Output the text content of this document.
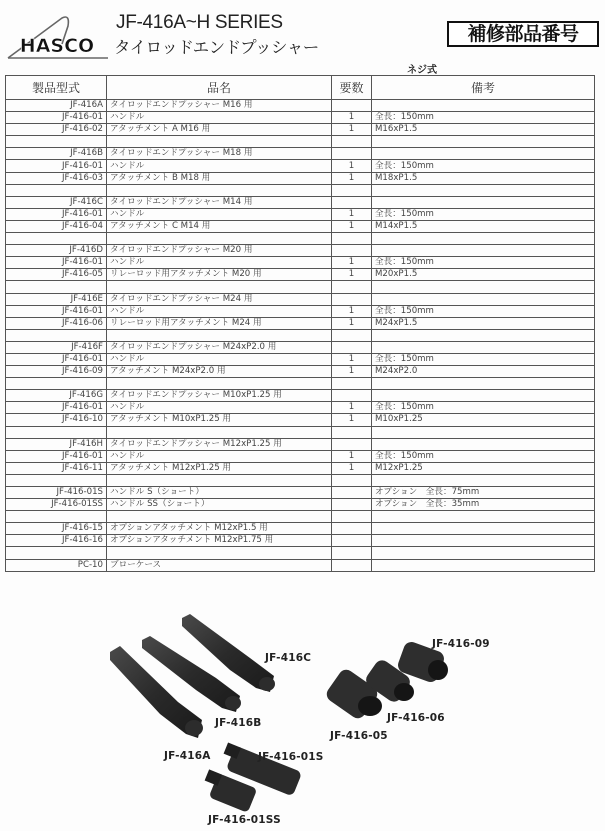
HASCO
JF-416A~H SERIES
タイロッドエンドプッシャー
補修部品番号
ネジ式
製品型式	品名	要数	備考
JF-416A	タイロッドエンドプッシャー M16 用		
JF-416-01	ハンドル	1	全長：150mm
JF-416-02	アタッチメント A M16 用	1	M16xP1.5

JF-416B	タイロッドエンドプッシャー M18 用		
JF-416-01	ハンドル	1	全長：150mm
JF-416-03	アタッチメント B M18 用	1	M18xP1.5

JF-416C	タイロッドエンドプッシャー M14 用		
JF-416-01	ハンドル	1	全長：150mm
JF-416-04	アタッチメント C M14 用	1	M14xP1.5

JF-416D	タイロッドエンドプッシャー M20 用		
JF-416-01	ハンドル	1	全長：150mm
JF-416-05	リレーロッド用アタッチメント M20 用	1	M20xP1.5

JF-416E	タイロッドエンドプッシャー M24 用		
JF-416-01	ハンドル	1	全長：150mm
JF-416-06	リレーロッド用アタッチメント M24 用	1	M24xP1.5

JF-416F	タイロッドエンドプッシャー M24xP2.0 用		
JF-416-01	ハンドル	1	全長：150mm
JF-416-09	アタッチメント M24xP2.0 用	1	M24xP2.0

JF-416G	タイロッドエンドプッシャー M10xP1.25 用		
JF-416-01	ハンドル	1	全長：150mm
JF-416-10	アタッチメント M10xP1.25 用	1	M10xP1.25

JF-416H	タイロッドエンドプッシャー M12xP1.25 用		
JF-416-01	ハンドル	1	全長：150mm
JF-416-11	アタッチメント M12xP1.25 用	1	M12xP1.25

JF-416-01S	ハンドル S（ショート）		オプション　全長：75mm
JF-416-01SS	ハンドル SS（ショート）		オプション　全長：35mm

JF-416-15	オプションアタッチメント M12xP1.5 用		
JF-416-16	オプションアタッチメント M12xP1.75 用		

PC-10	ブローケース		
JF-416C
JF-416B
JF-416A	JF-416-01S
JF-416-01SS
JF-416-05
JF-416-06
JF-416-09
